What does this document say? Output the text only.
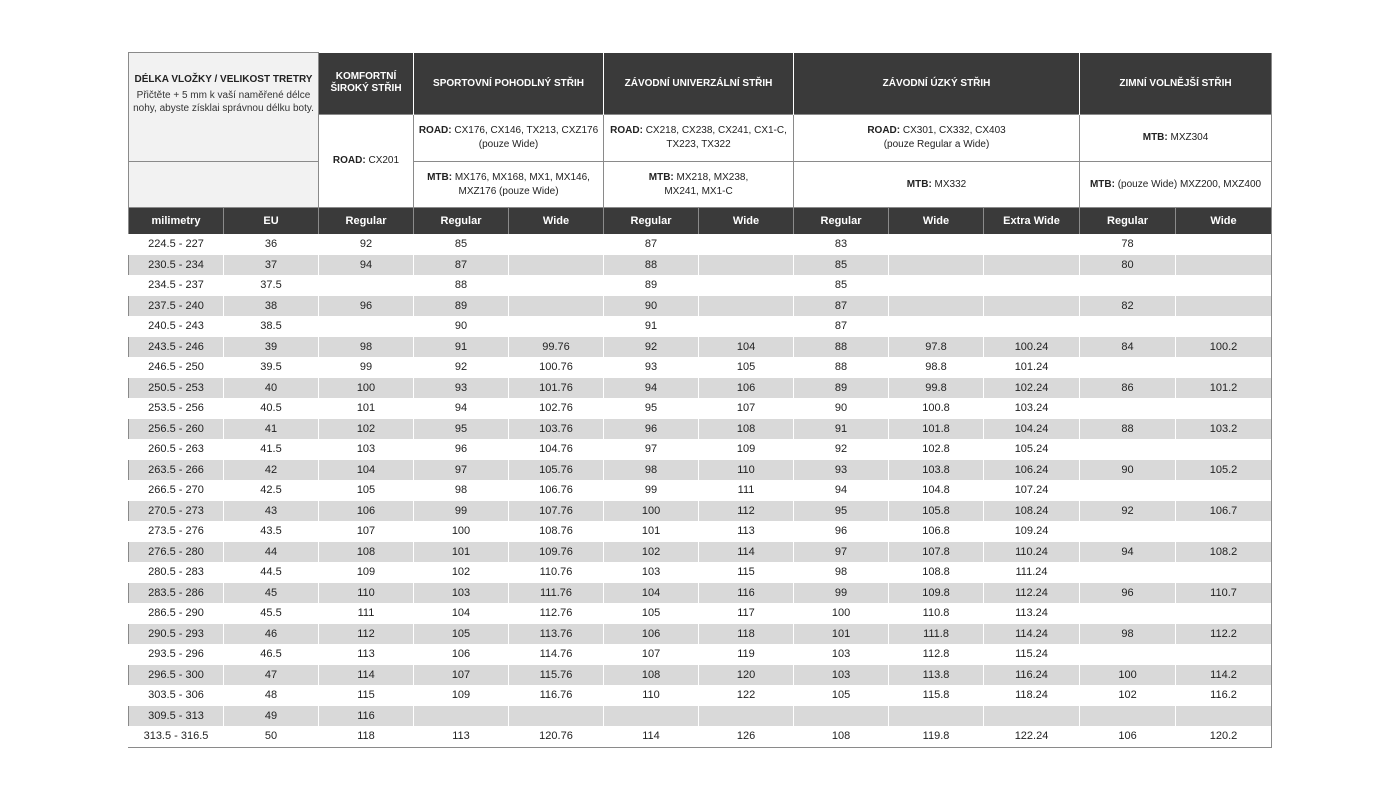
DÉLKA VLOŽKY / VELIKOST TRETRY
Přičtěte + 5 mm k vaší naměřené délce nohy, abyste získlai správnou délku boty.		KOMFORTNÍ ŠIROKÝ STŘIH	SPORTOVNÍ POHODLNÝ STŘIH		ZÁVODNÍ UNIVERZÁLNÍ STŘIH		ZÁVODNÍ ÚZKÝ STŘIH			ZIMNÍ VOLNĚJŠÍ STŘIH	
		ROAD: CX201	ROAD: CX176, CX146, TX213, CXZ176 (pouze Wide)		ROAD: CX218, CX238, CX241, CX1-C, TX223, TX322		ROAD: CX301, CX332, CX403 (pouze Regular a Wide)			MTB: MXZ304	
			MTB: MX176, MX168, MX1, MX146, MXZ176 (pouze Wide)		MTB: MX218, MX238, MX241, MX1-C		MTB: MX332			MTB: (pouze Wide) MXZ200, MXZ400	
milimetry	EU	Regular	Regular	Wide	Regular	Wide	Regular	Wide	Extra Wide	Regular	Wide
224.5 - 227	36	92	85		87		83			78	
230.5 - 234	37	94	87		88		85			80	
234.5 - 237	37.5		88		89		85				
237.5 - 240	38	96	89		90		87			82	
240.5 - 243	38.5		90		91		87				
243.5 - 246	39	98	91	99.76	92	104	88	97.8	100.24	84	100.2
246.5 - 250	39.5	99	92	100.76	93	105	88	98.8	101.24		
250.5 - 253	40	100	93	101.76	94	106	89	99.8	102.24	86	101.2
253.5 - 256	40.5	101	94	102.76	95	107	90	100.8	103.24		
256.5 - 260	41	102	95	103.76	96	108	91	101.8	104.24	88	103.2
260.5 - 263	41.5	103	96	104.76	97	109	92	102.8	105.24		
263.5 - 266	42	104	97	105.76	98	110	93	103.8	106.24	90	105.2
266.5 - 270	42.5	105	98	106.76	99	111	94	104.8	107.24		
270.5 - 273	43	106	99	107.76	100	112	95	105.8	108.24	92	106.7
273.5 - 276	43.5	107	100	108.76	101	113	96	106.8	109.24		
276.5 - 280	44	108	101	109.76	102	114	97	107.8	110.24	94	108.2
280.5 - 283	44.5	109	102	110.76	103	115	98	108.8	111.24		
283.5 - 286	45	110	103	111.76	104	116	99	109.8	112.24	96	110.7
286.5 - 290	45.5	111	104	112.76	105	117	100	110.8	113.24		
290.5 - 293	46	112	105	113.76	106	118	101	111.8	114.24	98	112.2
293.5 - 296	46.5	113	106	114.76	107	119	103	112.8	115.24		
296.5 - 300	47	114	107	115.76	108	120	103	113.8	116.24	100	114.2
303.5 - 306	48	115	109	116.76	110	122	105	115.8	118.24	102	116.2
309.5 - 313	49	116									
313.5 - 316.5	50	118	113	120.76	114	126	108	119.8	122.24	106	120.2
